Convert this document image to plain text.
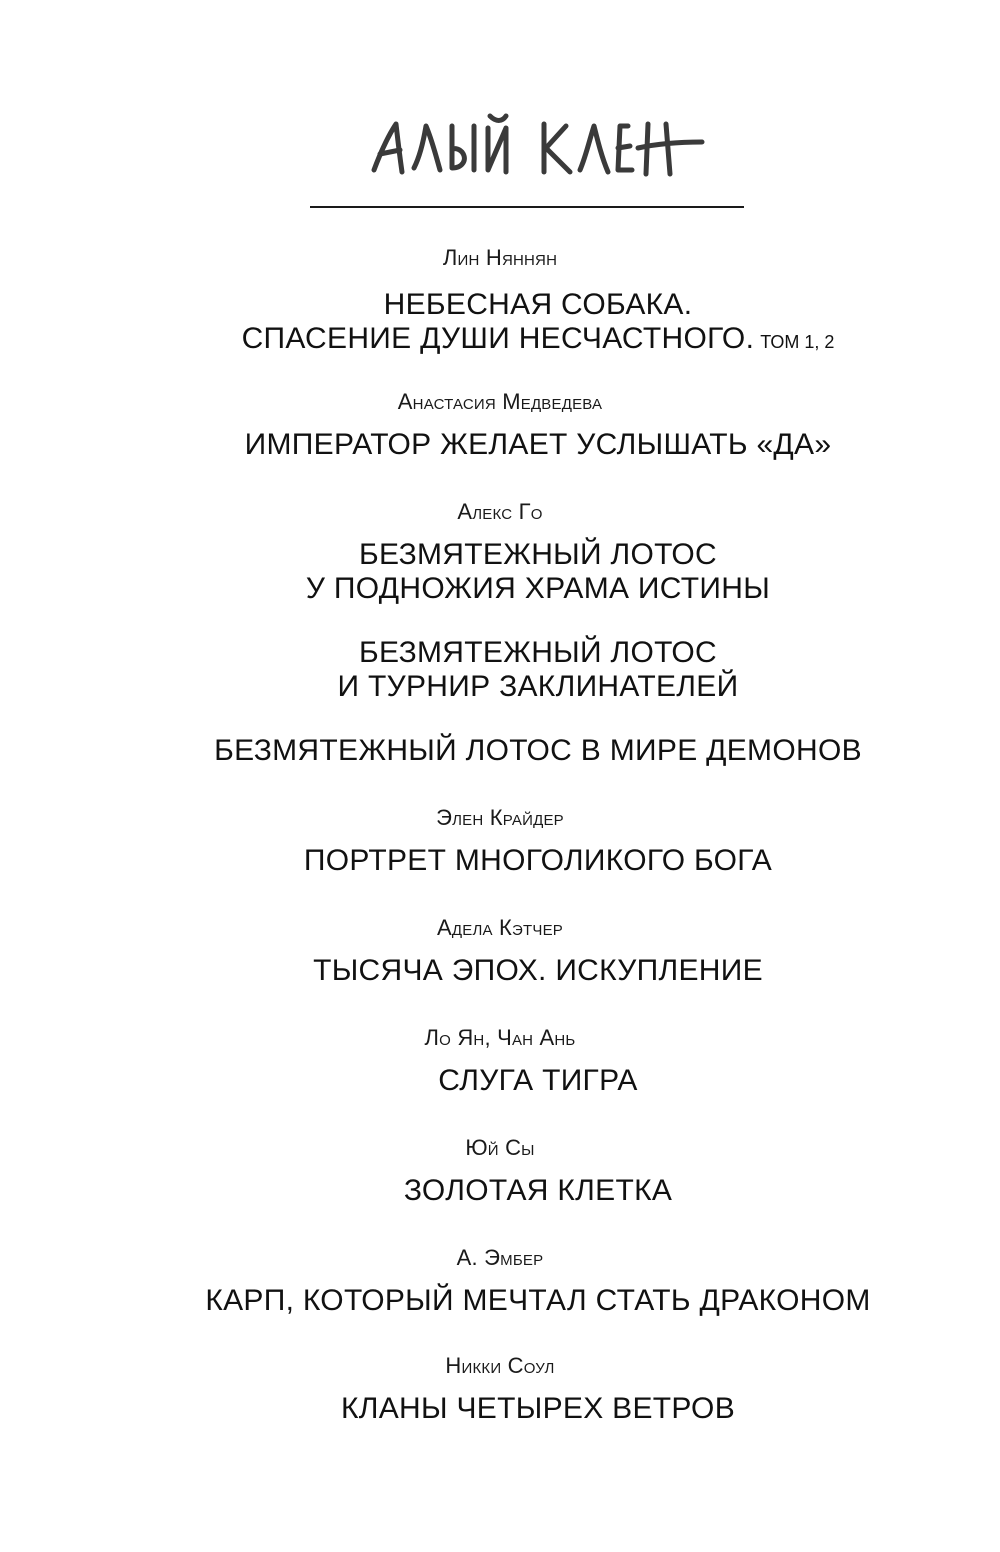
Лин Няннян
НЕБЕСНАЯ СОБАКА.
СПАСЕНИЕ ДУШИ НЕСЧАСТНОГО. ТОМ 1, 2
Анастасия Медведева
ИМПЕРАТОР ЖЕЛАЕТ УСЛЫШАТЬ «ДА»
Алекс Го
БЕЗМЯТЕЖНЫЙ ЛОТОС
У ПОДНОЖИЯ ХРАМА ИСТИНЫ
БЕЗМЯТЕЖНЫЙ ЛОТОС
И ТУРНИР ЗАКЛИНАТЕЛЕЙ
БЕЗМЯТЕЖНЫЙ ЛОТОС В МИРЕ ДЕМОНОВ
Элен Крайдер
ПОРТРЕТ МНОГОЛИКОГО БОГА
Адела Кэтчер
ТЫСЯЧА ЭПОХ. ИСКУПЛЕНИЕ
Ло Ян, Чан Ань
СЛУГА ТИГРА
Юй Сы
ЗОЛОТАЯ КЛЕТКА
А. Эмбер
КАРП, КОТОРЫЙ МЕЧТАЛ СТАТЬ ДРАКОНОМ
Никки Соул
КЛАНЫ ЧЕТЫРЕХ ВЕТРОВ
